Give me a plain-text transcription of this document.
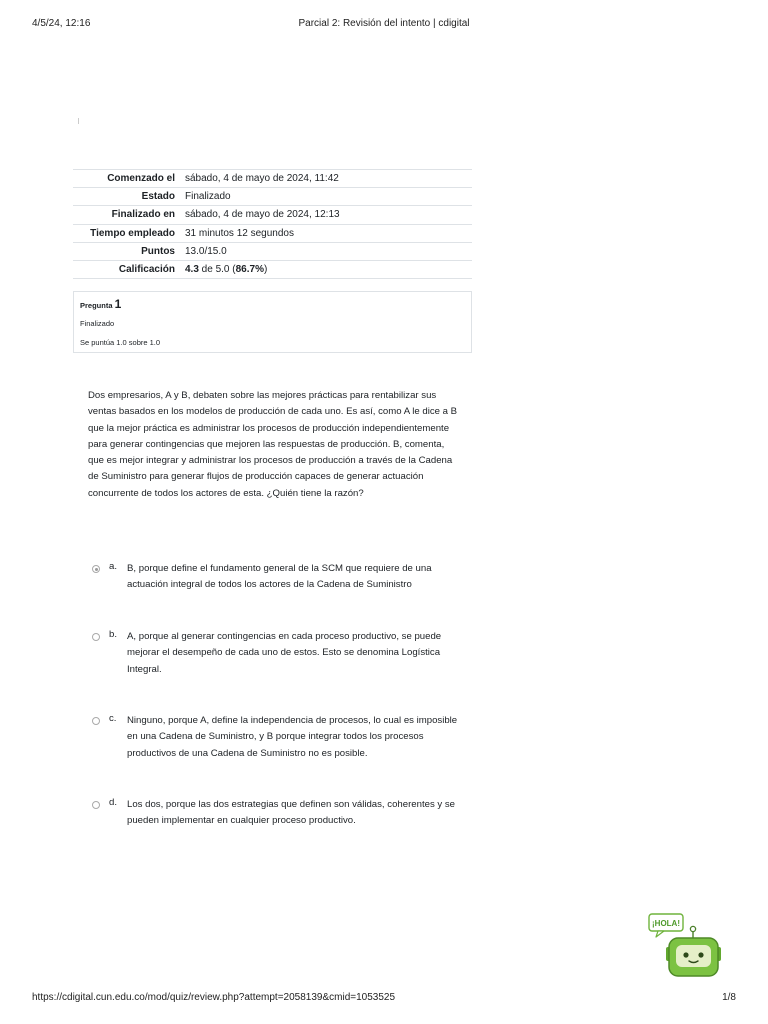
4/5/24, 12:16	Parcial 2: Revisión del intento | cdigital
Comenzado el	sábado, 4 de mayo de 2024, 11:42
Estado	Finalizado
Finalizado en	sábado, 4 de mayo de 2024, 12:13
Tiempo empleado	31 minutos 12 segundos
Puntos	13.0/15.0
Calificación	4.3 de 5.0 (86.7%)
Pregunta 1
Finalizado
Se puntúa 1.0 sobre 1.0
Dos empresarios, A y B, debaten sobre las mejores prácticas para rentabilizar sus ventas basados en los modelos de producción de cada uno. Es así, como A le dice a B que la mejor práctica es administrar los procesos de producción independientemente para generar contingencias que mejoren las respuestas de producción. B, comenta, que es mejor integrar y administrar los procesos de producción a través de la Cadena de Suministro para generar flujos de producción capaces de generar actuación concurrente de todos los actores de esta. ¿Quién tiene la razón?
a. B, porque define el fundamento general de la SCM que requiere de una actuación integral de todos los actores de la Cadena de Suministro
b. A, porque al generar contingencias en cada proceso productivo, se puede mejorar el desempeño de cada uno de estos. Esto se denomina Logística Integral.
c. Ninguno, porque A, define la independencia de procesos, lo cual es imposible en una Cadena de Suministro, y B porque integrar todos los procesos productivos de una Cadena de Suministro no es posible.
d. Los dos, porque las dos estrategias que definen son válidas, coherentes y se pueden implementar en cualquier proceso productivo.
¡HOLA!
https://cdigital.cun.edu.co/mod/quiz/review.php?attempt=2058139&cmid=1053525	1/8
